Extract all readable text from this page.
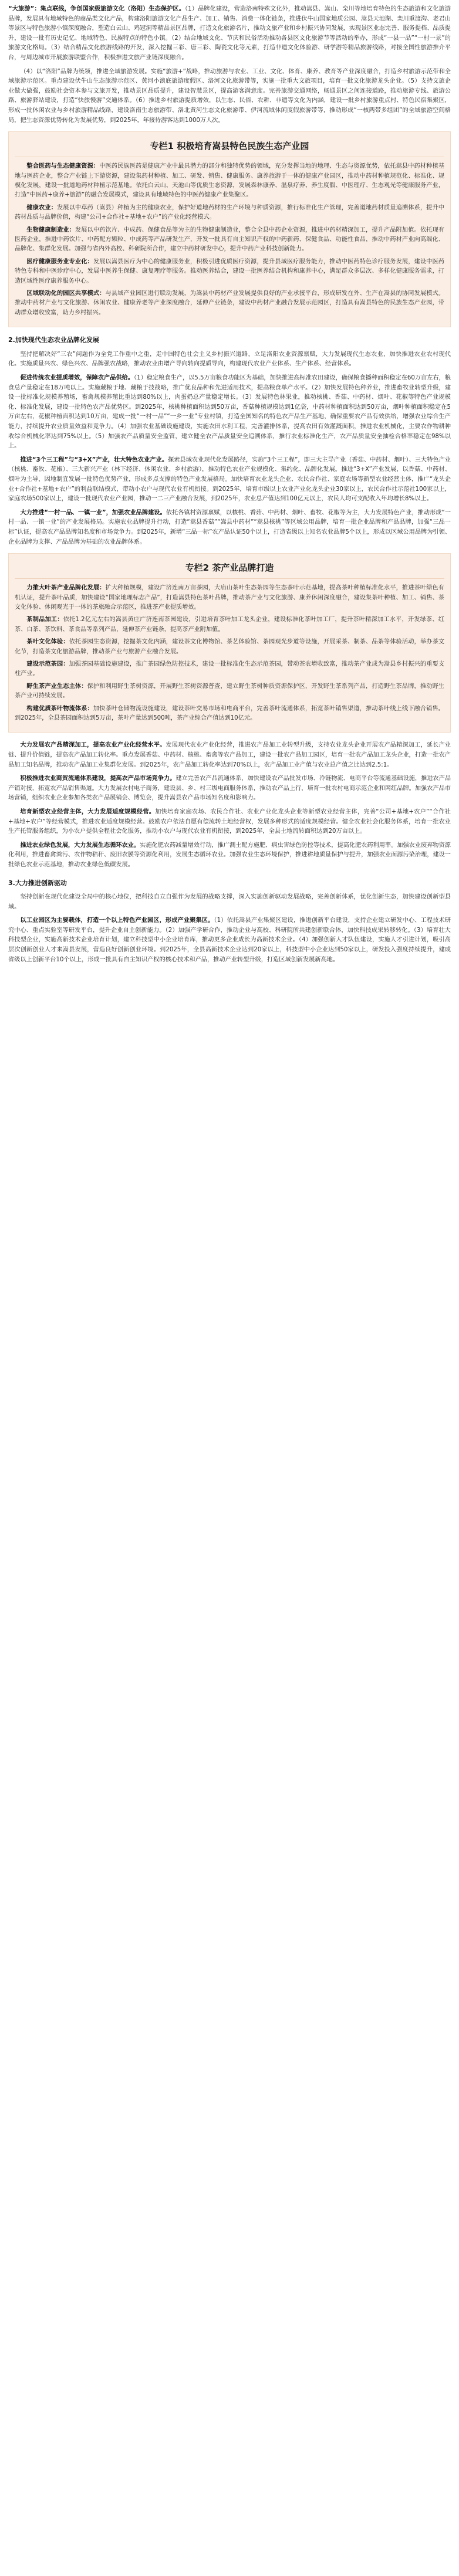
“大旅游”：集点联线，争创国家级旅游文化（洛阳）生态保护区。（1）品牌化建设，营造洛南特殊文化外，推动嵩县、嵩山、栾川等地培育特色的生态旅游和文化旅游品牌，发展具有地域特色的商品类文化产品，构建洛阳旅游文化产品生产、加工、销售、消费一体化链条，推进伏牛山国家地质公园、嵩县天池湖、栾川重渡沟、老君山等景区与特色旅游小镇深度融合，塑造白云山、鸡冠洞等精品景区品牌，打造文化旅游名片，推动文旅产业和乡村振兴协同发展，实现景区业态完善、服务提档、品质提升，建设一批有历史记忆、地域特色、民族特点的特色小镇。（2）结合地域文化、节庆和民俗活动推动各县区文化旅游节等活动的举办，形成“一县一品”“一村一景”的旅游文化格局。（3）结合精品文化旅游线路的开发，深入挖掘三彩、唐三彩、陶瓷文化等元素，打造非遗文化体验游、研学游等精品旅游线路，对接全国性旅游推介平台，与周边城市开展旅游联盟合作，积极推进文旅产业链深度融合。

（4）以“洛阳”品牌为统领，推进全域旅游发展。实施“旅游+”战略，推动旅游与农业、工业、文化、体育、康养、教育等产业深度融合，打造乡村旅游示范带和全域旅游示范区。重点建设伏牛山生态旅游示范区、黄河小浪底旅游度假区、洛河文化旅游带等，实施一批重大文旅项目，培育一批文化旅游龙头企业。（5）支持文旅企业做大做强，鼓励社会资本参与文旅开发，推动景区品质提升，建设智慧景区，提高游客满意度。完善旅游交通网络，畅通景区之间连接道路，推动旅游专线、旅游公路、旅游驿站建设，打造“快旅慢游”交通体系。（6）推进乡村旅游提质增效，以生态、民俗、农耕、非遗等文化为内涵，建设一批乡村旅游重点村、特色民宿集聚区，形成一批休闲农业与乡村旅游精品线路，建设洛南生态旅游带、洛北黄河生态文化旅游带、伊河流域休闲度假旅游带等，推动形成“一核两带多组团”的全域旅游空间格局，把生态资源优势转化为发展优势，到2025年，年接待游客达到1000万人次。

专栏1 积极培育嵩县特色民族生态产业园

整合医药与生态健康资源：中医药民族医药是健康产业中最具潜力的部分和独特优势的领域，充分发挥当地的地理、生态与资源优势，依托嵩县中药材种植基地与医药企业，整合产业链上下游资源，建设集药材种植、加工、研发、销售、健康服务、康养旅游于一体的健康产业园区，推动中药材种植规范化、标准化、规模化发展，建设一批道地药材种植示范基地。依托白云山、天池山等优质生态资源，发展森林康养、温泉疗养、养生度假、中医理疗、生态观光等健康服务产业，打造“中医药+康养+旅游”的融合发展模式，建设具有地域特色的中医药健康产业集聚区。

健康农业：发展以中草药（嵩县）种植为主的健康农业，保护好道地药材的生产环境与种质资源，推行标准化生产管理，完善道地药材质量追溯体系，提升中药材品质与品牌价值，构建“公司+合作社+基地+农户”的产业化经营模式。

生物健康制造业：发展以中药饮片、中成药、保健食品等为主的生物健康制造业，整合全县中药企业资源，推进中药材精深加工，提升产品附加值。依托现有医药企业，推进中药饮片、中药配方颗粒、中成药等产品研发生产，开发一批具有自主知识产权的中药新药、保健食品、功能性食品，推动中药材产业向高端化、品牌化、集群化发展。加强与省内外高校、科研院所合作，建立中药材研发中心，提升中药产业科技创新能力。

医疗健康服务业专业化：发展以嵩县医疗为中心的健康服务业，积极引进优质医疗资源，提升县域医疗服务能力，推动中医药特色诊疗服务发展，建设中医药特色专科和中医诊疗中心，发展中医养生保健、康复理疗等服务。推动医养结合，建设一批医养结合机构和康养中心，满足群众多层次、多样化健康服务需求，打造区域性医疗康养服务中心。

区域联动化的园区共享模式：与县域产业园区进行联动发展，为嵩县中药材产业发展提供良好的产业承接平台，形成研发在外、生产在嵩县的协同发展模式。推动中药材产业与文化旅游、休闲农业、健康养老等产业深度融合，延伸产业链条，建设中药材产业融合发展示范园区，打造具有嵩县特色的民族生态产业园，带动群众增收致富，助力乡村振兴。

2.加快现代生态农业品牌化发展

坚持把解决好“三农”问题作为全党工作重中之重，走中国特色社会主义乡村振兴道路，立足洛阳农业资源禀赋，大力发展现代生态农业，加快推进农业农村现代化。实施质量兴农、绿色兴农、品牌强农战略，推动农业由增产导向转向提质导向，构建现代农业产业体系、生产体系、经营体系。

促进传统农业提质增效，保障农产品供给。（1）稳定粮食生产，以5.5万亩粮食功能区为基础，加快推进高标准农田建设，确保粮食播种面积稳定在60万亩左右，粮食总产量稳定在18万吨以上。实施藏粮于地、藏粮于技战略，推广优良品种和先进适用技术，提高粮食单产水平。（2）加快发展特色种养业，推进畜牧业转型升级，建设一批标准化规模养殖场，畜禽规模养殖比重达到80%以上，肉蛋奶总产量稳定增长。（3）发展特色林果业，推动核桃、香菇、中药材、烟叶、花椒等特色产业规模化、标准化发展，建设一批特色农产品优势区。到2025年，核桃种植面积达到50万亩，香菇种植规模达到1亿袋，中药材种植面积达到50万亩，烟叶种植面积稳定在5万亩左右，花椒种植面积达到10万亩，建成一批“一村一品”“一乡一业”专业村镇，打造全国知名的特色农产品生产基地，确保重要农产品有效供给，增强农业综合生产能力，持续提升农业质量效益和竞争力。（4）加强农业基础设施建设，实施农田水利工程，完善灌排体系，提高农田有效灌溉面积，推进农业机械化，主要农作物耕种收综合机械化率达到75%以上。（5）加强农产品质量安全监管，建立健全农产品质量安全追溯体系，推行农业标准化生产，农产品质量安全抽检合格率稳定在98%以上。

推进“3个三工程”与“3+X”产业，壮大特色农业产业。探索县域农业现代化发展路径，实施“3个三工程”，即三大主导产业（香菇、中药材、烟叶）、三大特色产业（核桃、畜牧、花椒）、三大新兴产业（林下经济、休闲农业、乡村旅游），推动特色农业产业规模化、集约化、品牌化发展。推进“3+X”产业发展，以香菇、中药材、烟叶为主导，因地制宜发展一批特色优势产业，形成多点支撑的特色产业发展格局。加快培育农业龙头企业、农民合作社、家庭农场等新型农业经营主体，推广“龙头企业+合作社+基地+农户”的利益联结模式，带动小农户与现代农业有机衔接。到2025年，培育市级以上农业产业化龙头企业30家以上，农民合作社示范社100家以上，家庭农场500家以上，建设一批现代农业产业园，推动一二三产业融合发展，到2025年，农业总产值达到100亿元以上，农民人均可支配收入年均增长8%以上。

大力推进“一村一品、一镇一业”，加强农业品牌建设。依托各镇村资源禀赋，以核桃、香菇、中药材、烟叶、畜牧、花椒等为主，大力发展特色产业，推动形成“一村一品、一镇一业”的产业发展格局。实施农业品牌提升行动，打造“嵩县香菇”“嵩县中药材”“嵩县核桃”等区域公用品牌，培育一批企业品牌和产品品牌，加强“三品一标”认证，提高农产品品牌知名度和市场竞争力。到2025年，新增“三品一标”农产品认证50个以上，打造省级以上知名农业品牌5个以上，形成以区域公用品牌为引领、企业品牌为支撑、产品品牌为基础的农业品牌体系。

专栏2 茶产业品牌打造

力推大叶茶产业品牌化发展：扩大种植规模，建设广济连南万亩茶园，大庙山茶叶生态茶园等生态茶叶示范基地，提高茶叶种植标准化水平，推进茶叶绿色有机认证，提升茶叶品质，加快建设“国家地理标志产品”，打造嵩县特色茶叶品牌，推动茶产业与文化旅游、康养休闲深度融合，建设集茶叶种植、加工、销售、茶文化体验、休闲观光于一体的茶旅融合示范区，推进茶产业提质增效。

茶制品加工：依托1.2亿元左右的嵩县黄庄广济连南茶园建设，引进培育茶叶加工龙头企业，建设标准化茶叶加工厂，提升茶叶精深加工水平，开发绿茶、红茶、白茶、茶饮料、茶食品等系列产品，延伸茶产业链条，提高茶产业附加值。

茶叶文化体验：依托茶园生态资源，挖掘茶文化内涵，建设茶文化博物馆、茶艺体验馆、茶园观光步道等设施，开展采茶、制茶、品茶等体验活动，举办茶文化节，打造茶文化旅游品牌，推动茶产业与旅游产业融合发展。

建设示范茶园：加强茶园基础设施建设，推广茶园绿色防控技术，建设一批标准化生态示范茶园，带动茶农增收致富，推动茶产业成为嵩县乡村振兴的重要支柱产业。

野生茶产业生态主体：保护和利用野生茶树资源，开展野生茶树资源普查，建立野生茶树种质资源保护区，开发野生茶系列产品，打造野生茶品牌，推动野生茶产业可持续发展。

构建优质茶叶物流体系：加快茶叶仓储物流设施建设，建设茶叶交易市场和电商平台，完善茶叶流通体系，拓宽茶叶销售渠道，推动茶叶线上线下融合销售。到2025年，全县茶园面积达到5万亩，茶叶产量达到500吨，茶产业综合产值达到10亿元。

大力发展农产品精深加工，提高农业产业化经营水平。发展现代农业产业化经营，推进农产品加工业转型升级，支持农业龙头企业开展农产品精深加工，延长产业链、提升价值链，提高农产品加工转化率。重点发展香菇、中药材、核桃、畜禽等农产品加工，建设一批农产品加工园区，培育一批农产品加工龙头企业，打造一批农产品加工知名品牌，推动农产品加工业集群化发展。到2025年，农产品加工转化率达到70%以上，农产品加工业产值与农业总产值之比达到2.5:1。

积极推进农业商贸流通体系建设，提高农产品市场竞争力。建立完善农产品流通体系，加快建设农产品批发市场、冷链物流、电商平台等流通基础设施，推进农产品产销对接，拓宽农产品销售渠道。大力发展农村电子商务，建设县、乡、村三级电商服务体系，推动农产品上行，培育一批农村电商示范企业和网红品牌。加强农产品市场营销，组织农业企业参加各类农产品展销会、博览会，提升嵩县农产品市场知名度和影响力。

培育新型农业经营主体，大力发展适度规模经营。加快培育家庭农场、农民合作社、农业产业化龙头企业等新型农业经营主体，完善“公司+基地+农户”“合作社+基地+农户”等经营模式，推进农业适度规模经营。鼓励农户依法自愿有偿流转土地经营权，发展多种形式的适度规模经营。健全农业社会化服务体系，培育一批农业生产托管服务组织，为小农户提供全程社会化服务，推动小农户与现代农业有机衔接，到2025年，全县土地流转面积达到20万亩以上。

推进农业绿色发展，大力发展生态循环农业。实施化肥农药减量增效行动，推广测土配方施肥、病虫害绿色防控等技术，提高化肥农药利用率。加强农业废弃物资源化利用，推进畜禽粪污、农作物秸秆、废旧农膜等资源化利用，发展生态循环农业。加强农业生态环境保护，推进耕地质量保护与提升，加强农业面源污染治理，建设一批绿色农业示范基地，推动农业绿色低碳发展。

3.大力推进创新驱动

坚持创新在现代化建设全局中的核心地位，把科技自立自强作为发展的战略支撑，深入实施创新驱动发展战略，完善创新体系，优化创新生态，加快建设创新型县域。

以工业园区为主要载体，打造一个以上特色产业园区，形成产业聚集区。（1）依托嵩县产业集聚区建设，推进创新平台建设，支持企业建立研发中心、工程技术研究中心、重点实验室等研发平台，提升企业自主创新能力。（2）加强产学研合作，推动企业与高校、科研院所共建创新联合体，加快科技成果转移转化。（3）培育壮大科技型企业，实施高新技术企业培育计划，建立科技型中小企业培育库，推动更多企业成长为高新技术企业。（4）加强创新人才队伍建设，实施人才引进计划，吸引高层次创新创业人才来嵩县发展，营造良好创新创业环境。到2025年，全县高新技术企业达到20家以上，科技型中小企业达到50家以上，研发投入强度持续提升，建成省级以上创新平台10个以上，形成一批具有自主知识产权的核心技术和产品，推动产业转型升级，打造区域创新发展新高地。
